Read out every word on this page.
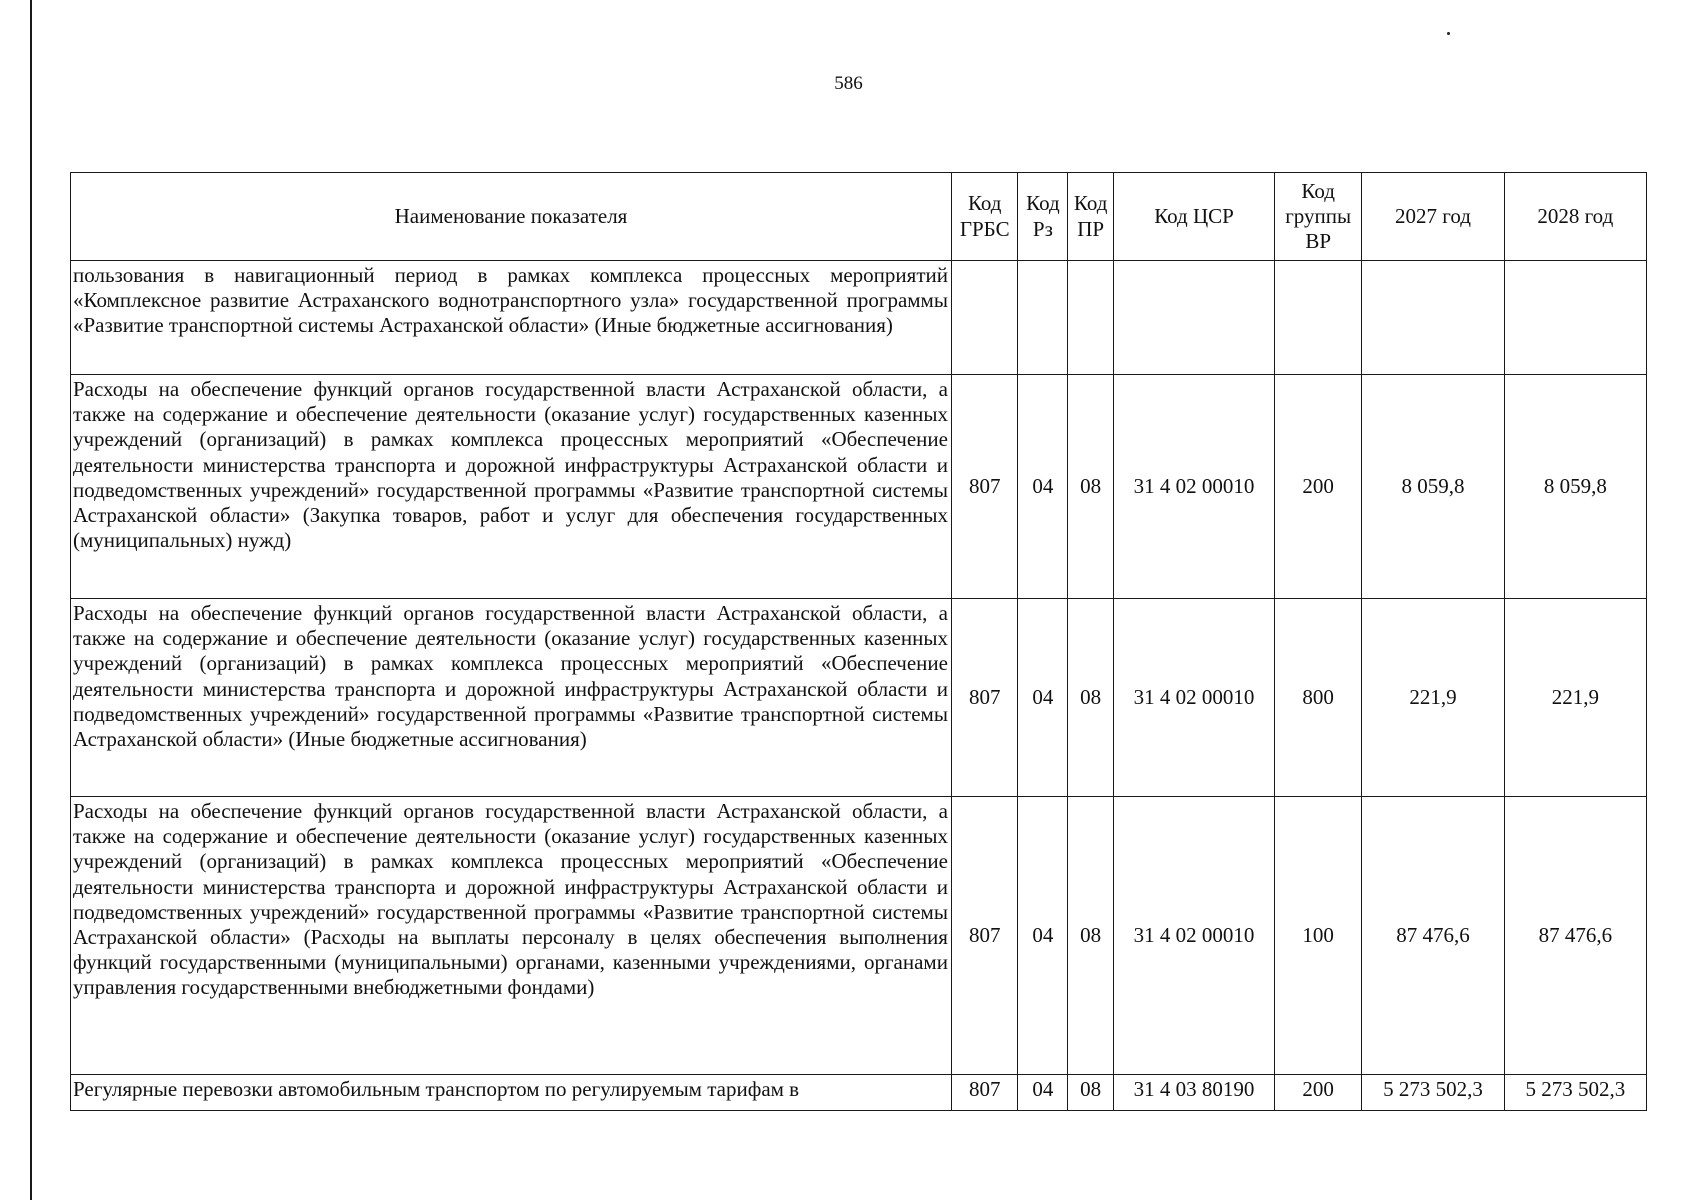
586
Наименование показателя	Код ГРБС	Код Рз	Код ПР	Код ЦСР	Код группы ВР	2027 год	2028 год
пользования в навигационный период в рамках комплекса процессных мероприятий «Комплексное развитие Астраханского воднотранспортного узла» государственной программы «Развитие транспортной системы Астраханской области» (Иные бюджетные ассигнования)							
Расходы на обеспечение функций органов государственной власти Астраханской области, а также на содержание и обеспечение деятельности (оказание услуг) государственных казенных учреждений (организаций) в рамках комплекса процессных мероприятий «Обеспечение деятельности министерства транспорта и дорожной инфраструктуры Астраханской области и подведомственных учреждений» государственной программы «Развитие транспортной системы Астраханской области» (Закупка товаров, работ и услуг для обеспечения государственных (муниципальных) нужд)	807	04	08	31 4 02 00010	200	8 059,8	8 059,8
Расходы на обеспечение функций органов государственной власти Астраханской области, а также на содержание и обеспечение деятельности (оказание услуг) государственных казенных учреждений (организаций) в рамках комплекса процессных мероприятий «Обеспечение деятельности министерства транспорта и дорожной инфраструктуры Астраханской области и подведомственных учреждений» государственной программы «Развитие транспортной системы Астраханской области» (Иные бюджетные ассигнования)	807	04	08	31 4 02 00010	800	221,9	221,9
Расходы на обеспечение функций органов государственной власти Астраханской области, а также на содержание и обеспечение деятельности (оказание услуг) государственных казенных учреждений (организаций) в рамках комплекса процессных мероприятий «Обеспечение деятельности министерства транспорта и дорожной инфраструктуры Астраханской области и подведомственных учреждений» государственной программы «Развитие транспортной системы Астраханской области» (Расходы на выплаты персоналу в целях обеспечения выполнения функций государственными (муниципальными) органами, казенными учреждениями, органами управления государственными внебюджетными фондами)	807	04	08	31 4 02 00010	100	87 476,6	87 476,6
Регулярные перевозки автомобильным транспортом по регулируемым тарифам в	807	04	08	31 4 03 80190	200	5 273 502,3	5 273 502,3
